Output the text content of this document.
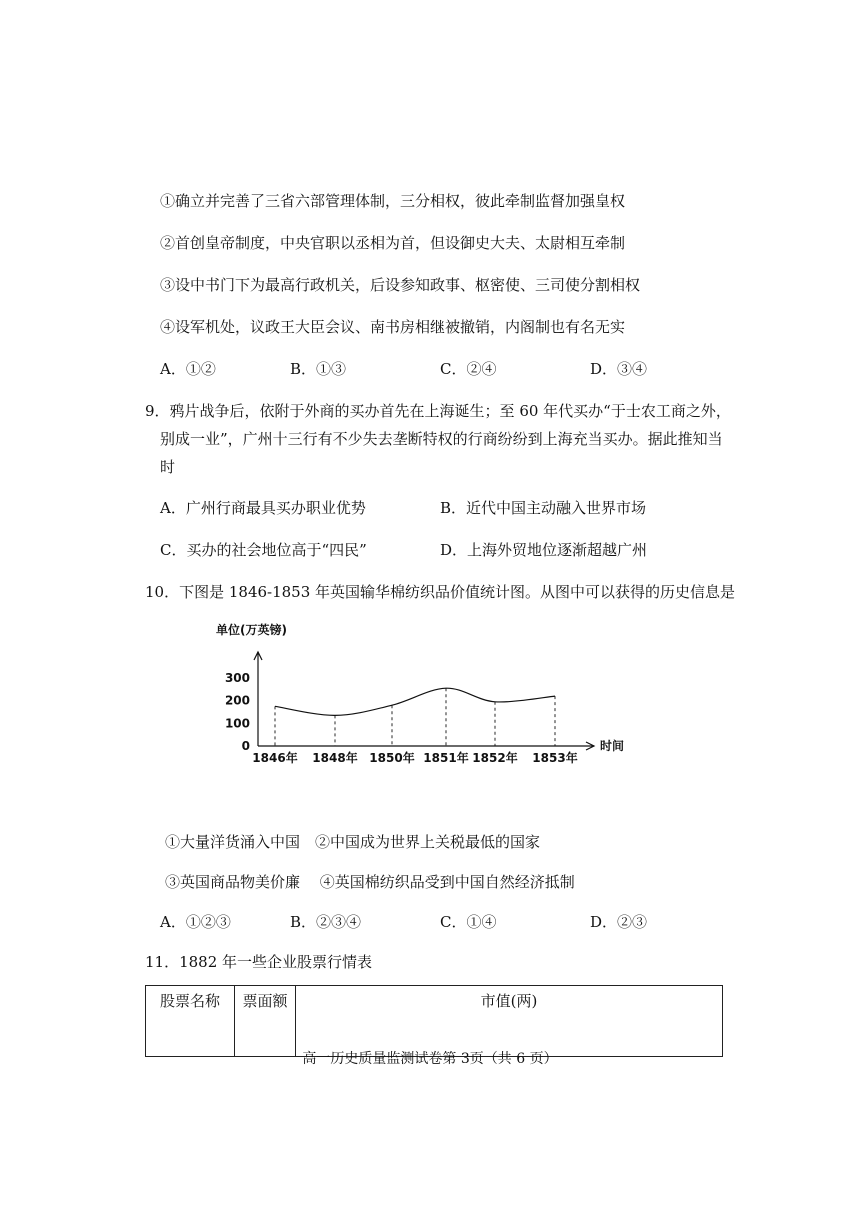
①确立并完善了三省六部管理体制，三分相权，彼此牵制监督加强皇权
②首创皇帝制度，中央官职以丞相为首，但设御史大夫、太尉相互牵制
③设中书门下为最高行政机关，后设参知政事、枢密使、三司使分割相权
④设军机处，议政王大臣会议、南书房相继被撤销，内阁制也有名无实
A．①②	B．①③	C．②④	D．③④
9．鸦片战争后，依附于外商的买办首先在上海诞生；至 60 年代买办“于士农工商之外，
别成一业”，广州十三行有不少失去垄断特权的行商纷纷到上海充当买办。据此推知当
时
A．广州行商最具买办职业优势	B．近代中国主动融入世界市场
C．买办的社会地位高于“四民”	D．上海外贸地位逐渐超越广州
10．下图是 1846-1853 年英国输华棉纺织品价值统计图。从图中可以获得的历史信息是
300
200
100
0
1846年 1848年 1850年 1851年 1852年 1853年
单位(万英镑)
时间
①大量洋货涌入中国　②中国成为世界上关税最低的国家
③英国商品物美价廉　 ④英国棉纺织品受到中国自然经济抵制
A．①②③	B．②③④	C．①④	D．②③
11．1882 年一些企业股票行情表
股票名称	票面额	市值(两)
高一历史质量监测试卷第 3页（共 6 页）
